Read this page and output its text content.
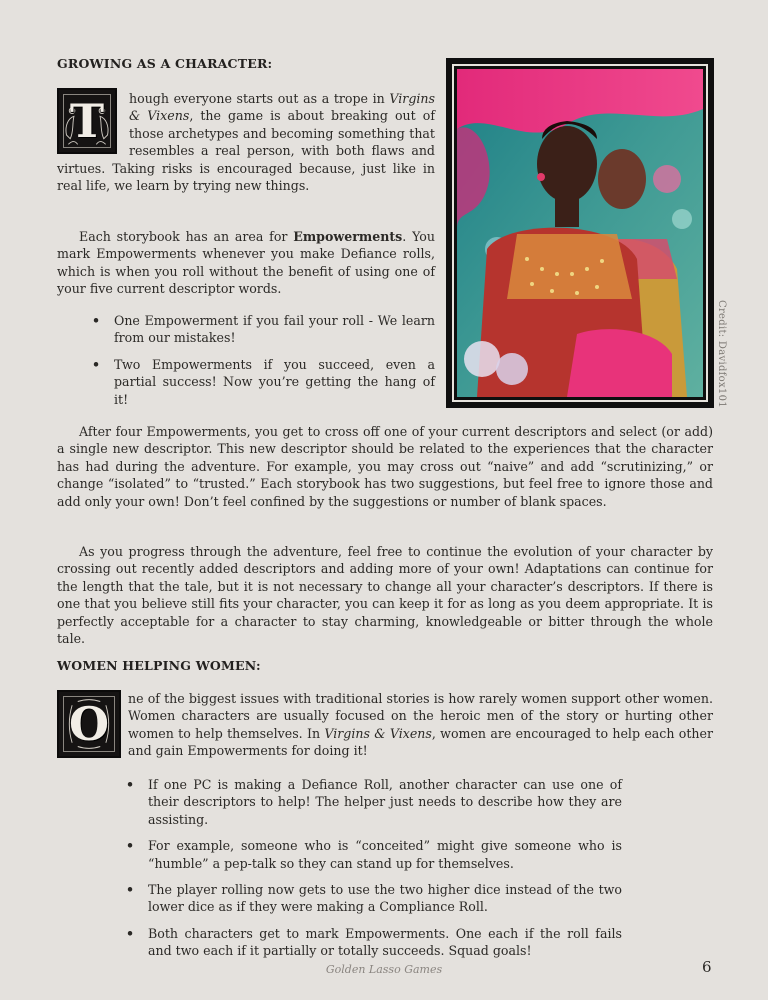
GROWING AS A CHARACTER:
T	hough everyone starts out as a trope in Virgins & Vixens, the game is about breaking out of those archetypes and becoming something that resembles a real person, with both flaws and virtues. Taking risks is encouraged because, just like in real life, we learn by trying new things.

Each storybook has an area for Empowerments. You mark Empowerments whenever you make Defiance rolls, which is when you roll without the benefit of using one of your five current descriptor words.

• One Empowerment if you fail your roll - We learn from our mistakes!
• Two Empowerments if you succeed, even a partial success! Now you’re getting the hang of it!	Credit: Davidfox101

After four Empowerments, you get to cross off one of your current descriptors and select (or add) a single new descriptor. This new descriptor should be related to the experiences that the character has had during the adventure. For example, you may cross out “naive” and add “scrutinizing,” or change “isolated” to “trusted.” Each storybook has two suggestions, but feel free to ignore those and add only your own! Don’t feel confined by the suggestions or number of blank spaces.

As you progress through the adventure, feel free to continue the evolution of your character by crossing out recently added descriptors and adding more of your own! Adaptations can continue for the length that the tale, but it is not necessary to change all your character’s descriptors. If there is one that you believe still fits your character, you can keep it for as long as you deem appropriate. It is perfectly acceptable for a character to stay charming, knowledgeable or bitter through the whole tale.

WOMEN HELPING WOMEN:
O ne of the biggest issues with traditional stories is how rarely women support other women. Women characters are usually focused on the heroic men of the story or hurting other women to help themselves. In Virgins & Vixens, women are encouraged to help each other and gain Empowerments for doing it!

• If one PC is making a Defiance Roll, another character can use one of their descriptors to help! The helper just needs to describe how they are assisting.
• For example, someone who is “conceited” might give someone who is “humble” a pep-talk so they can stand up for themselves.
• The player rolling now gets to use the two higher dice instead of the two lower dice as if they were making a Compliance Roll.
• Both characters get to mark Empowerments. One each if the roll fails and two each if it partially or totally succeeds. Squad goals!
Golden Lasso Games	6
